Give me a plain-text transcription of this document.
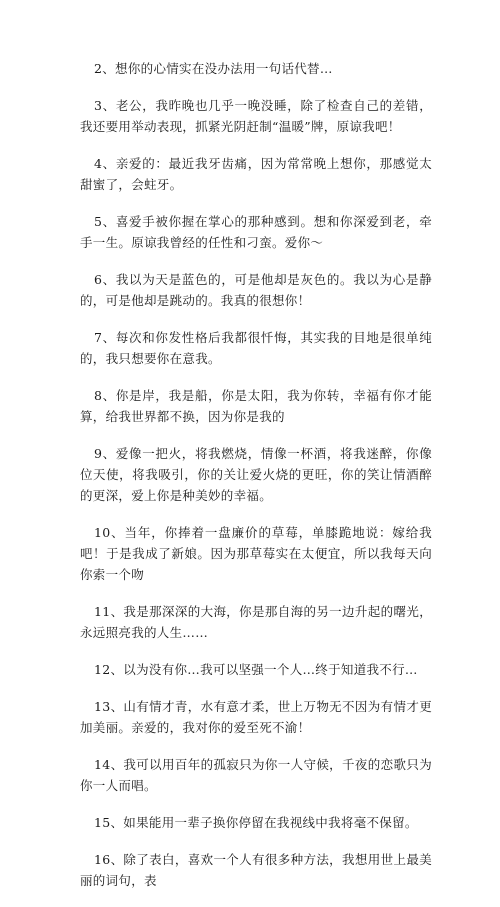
2、想你的心情实在没办法用一句话代替…

3、老公，我昨晚也几乎一晚没睡，除了检查自己的差错，我还要用举动表现，抓紧光阴赶制“温暖”牌，原谅我吧！

4、亲爱的：最近我牙齿痛，因为常常晚上想你，那感觉太甜蜜了，会蛀牙。

5、喜爱手被你握在掌心的那种感到。想和你深爱到老，牵手一生。原谅我曾经的任性和刁蛮。爱你～

6、我以为天是蓝色的，可是他却是灰色的。我以为心是静的，可是他却是跳动的。我真的很想你！

7、每次和你发性格后我都很忏悔，其实我的目地是很单纯的，我只想要你在意我。

8、你是岸，我是船，你是太阳，我为你转，幸福有你才能算，给我世界都不换，因为你是我的

9、爱像一把火，将我燃烧，情像一杯酒，将我迷醉，你像位天使，将我吸引，你的关让爱火烧的更旺，你的笑让情酒醉的更深，爱上你是种美妙的幸福。

10、当年，你捧着一盘廉价的草莓，单膝跪地说：嫁给我吧！于是我成了新娘。因为那草莓实在太便宜，所以我每天向你索一个吻

11、我是那深深的大海，你是那自海的另一边升起的曙光，永远照亮我的人生……

12、以为没有你…我可以坚强一个人…终于知道我不行…

13、山有情才青，水有意才柔，世上万物无不因为有情才更加美丽。亲爱的，我对你的爱至死不渝！

14、我可以用百年的孤寂只为你一人守候，千夜的恋歌只为你一人而唱。

15、如果能用一辈子换你停留在我视线中我将毫不保留。

16、除了表白，喜欢一个人有很多种方法，我想用世上最美丽的词句，表
